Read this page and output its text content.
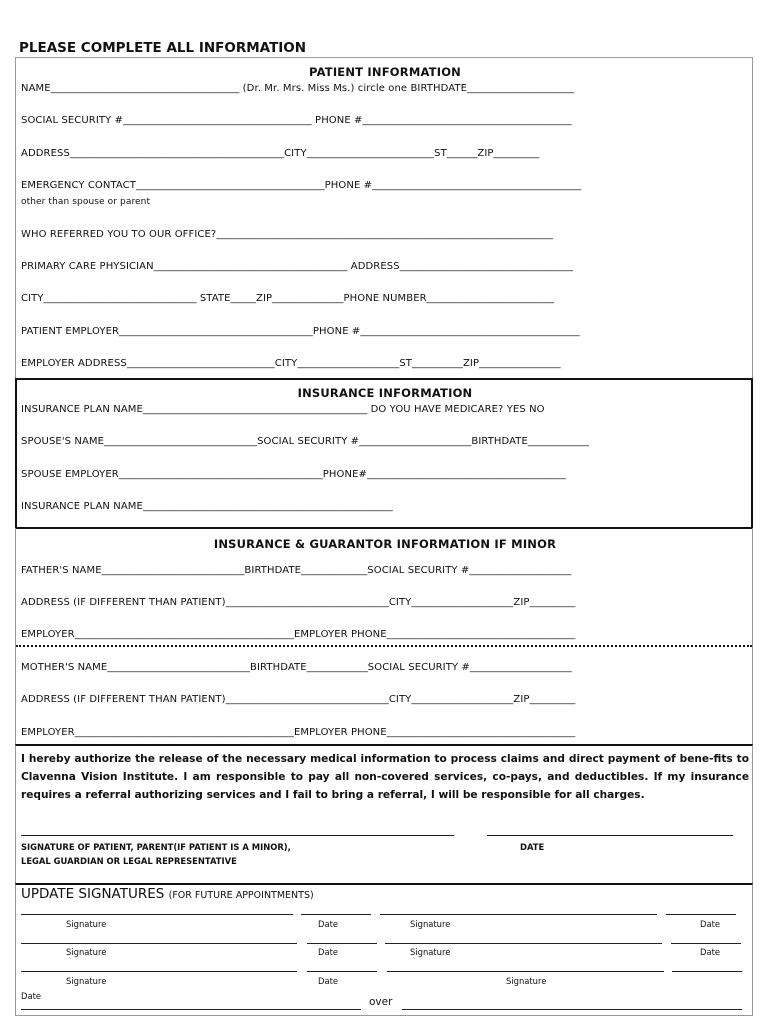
PLEASE COMPLETE ALL INFORMATION
PATIENT INFORMATION
NAME_____________________________________ (Dr. Mr. Mrs. Miss Ms.) circle one BIRTHDATE_____________________
SOCIAL SECURITY #_____________________________________ PHONE #_________________________________________
ADDRESS__________________________________________CITY_________________________ST______ZIP_________
EMERGENCY CONTACT_____________________________________PHONE #_________________________________________
other than spouse or parent
WHO REFERRED YOU TO OUR OFFICE?__________________________________________________________________
PRIMARY CARE PHYSICIAN______________________________________ ADDRESS__________________________________
CITY______________________________ STATE_____ZIP______________PHONE NUMBER_________________________
PATIENT EMPLOYER______________________________________PHONE #___________________________________________
EMPLOYER ADDRESS_____________________________CITY____________________ST__________ZIP________________
INSURANCE INFORMATION
INSURANCE PLAN NAME____________________________________________ DO YOU HAVE MEDICARE? YES NO
SPOUSE'S NAME______________________________SOCIAL SECURITY #______________________BIRTHDATE____________
SPOUSE EMPLOYER________________________________________PHONE#_______________________________________
INSURANCE PLAN NAME_________________________________________________
INSURANCE & GUARANTOR INFORMATION IF MINOR
FATHER'S NAME____________________________BIRTHDATE_____________SOCIAL SECURITY #____________________
ADDRESS (IF DIFFERENT THAN PATIENT)________________________________CITY____________________ZIP_________
EMPLOYER___________________________________________EMPLOYER PHONE_____________________________________
MOTHER'S NAME____________________________BIRTHDATE____________SOCIAL SECURITY #____________________
ADDRESS (IF DIFFERENT THAN PATIENT)________________________________CITY____________________ZIP_________
EMPLOYER___________________________________________EMPLOYER PHONE_____________________________________
I hereby authorize the release of the necessary medical information to process claims and direct payment of bene-fits to Clavenna Vision Institute. I am responsible to pay all non-covered services, co-pays, and deductibles. If my insurance requires a referral authorizing services and I fail to bring a referral, I will be responsible for all charges.
SIGNATURE OF PATIENT, PARENT(IF PATIENT IS A MINOR),
LEGAL GUARDIAN OR LEGAL REPRESENTATIVE
DATE
UPDATE SIGNATURES (FOR FUTURE APPOINTMENTS)
Signature	Date	Signature	Date
Signature	Date	Signature	Date
Signature	Date	Signature
Date	over
